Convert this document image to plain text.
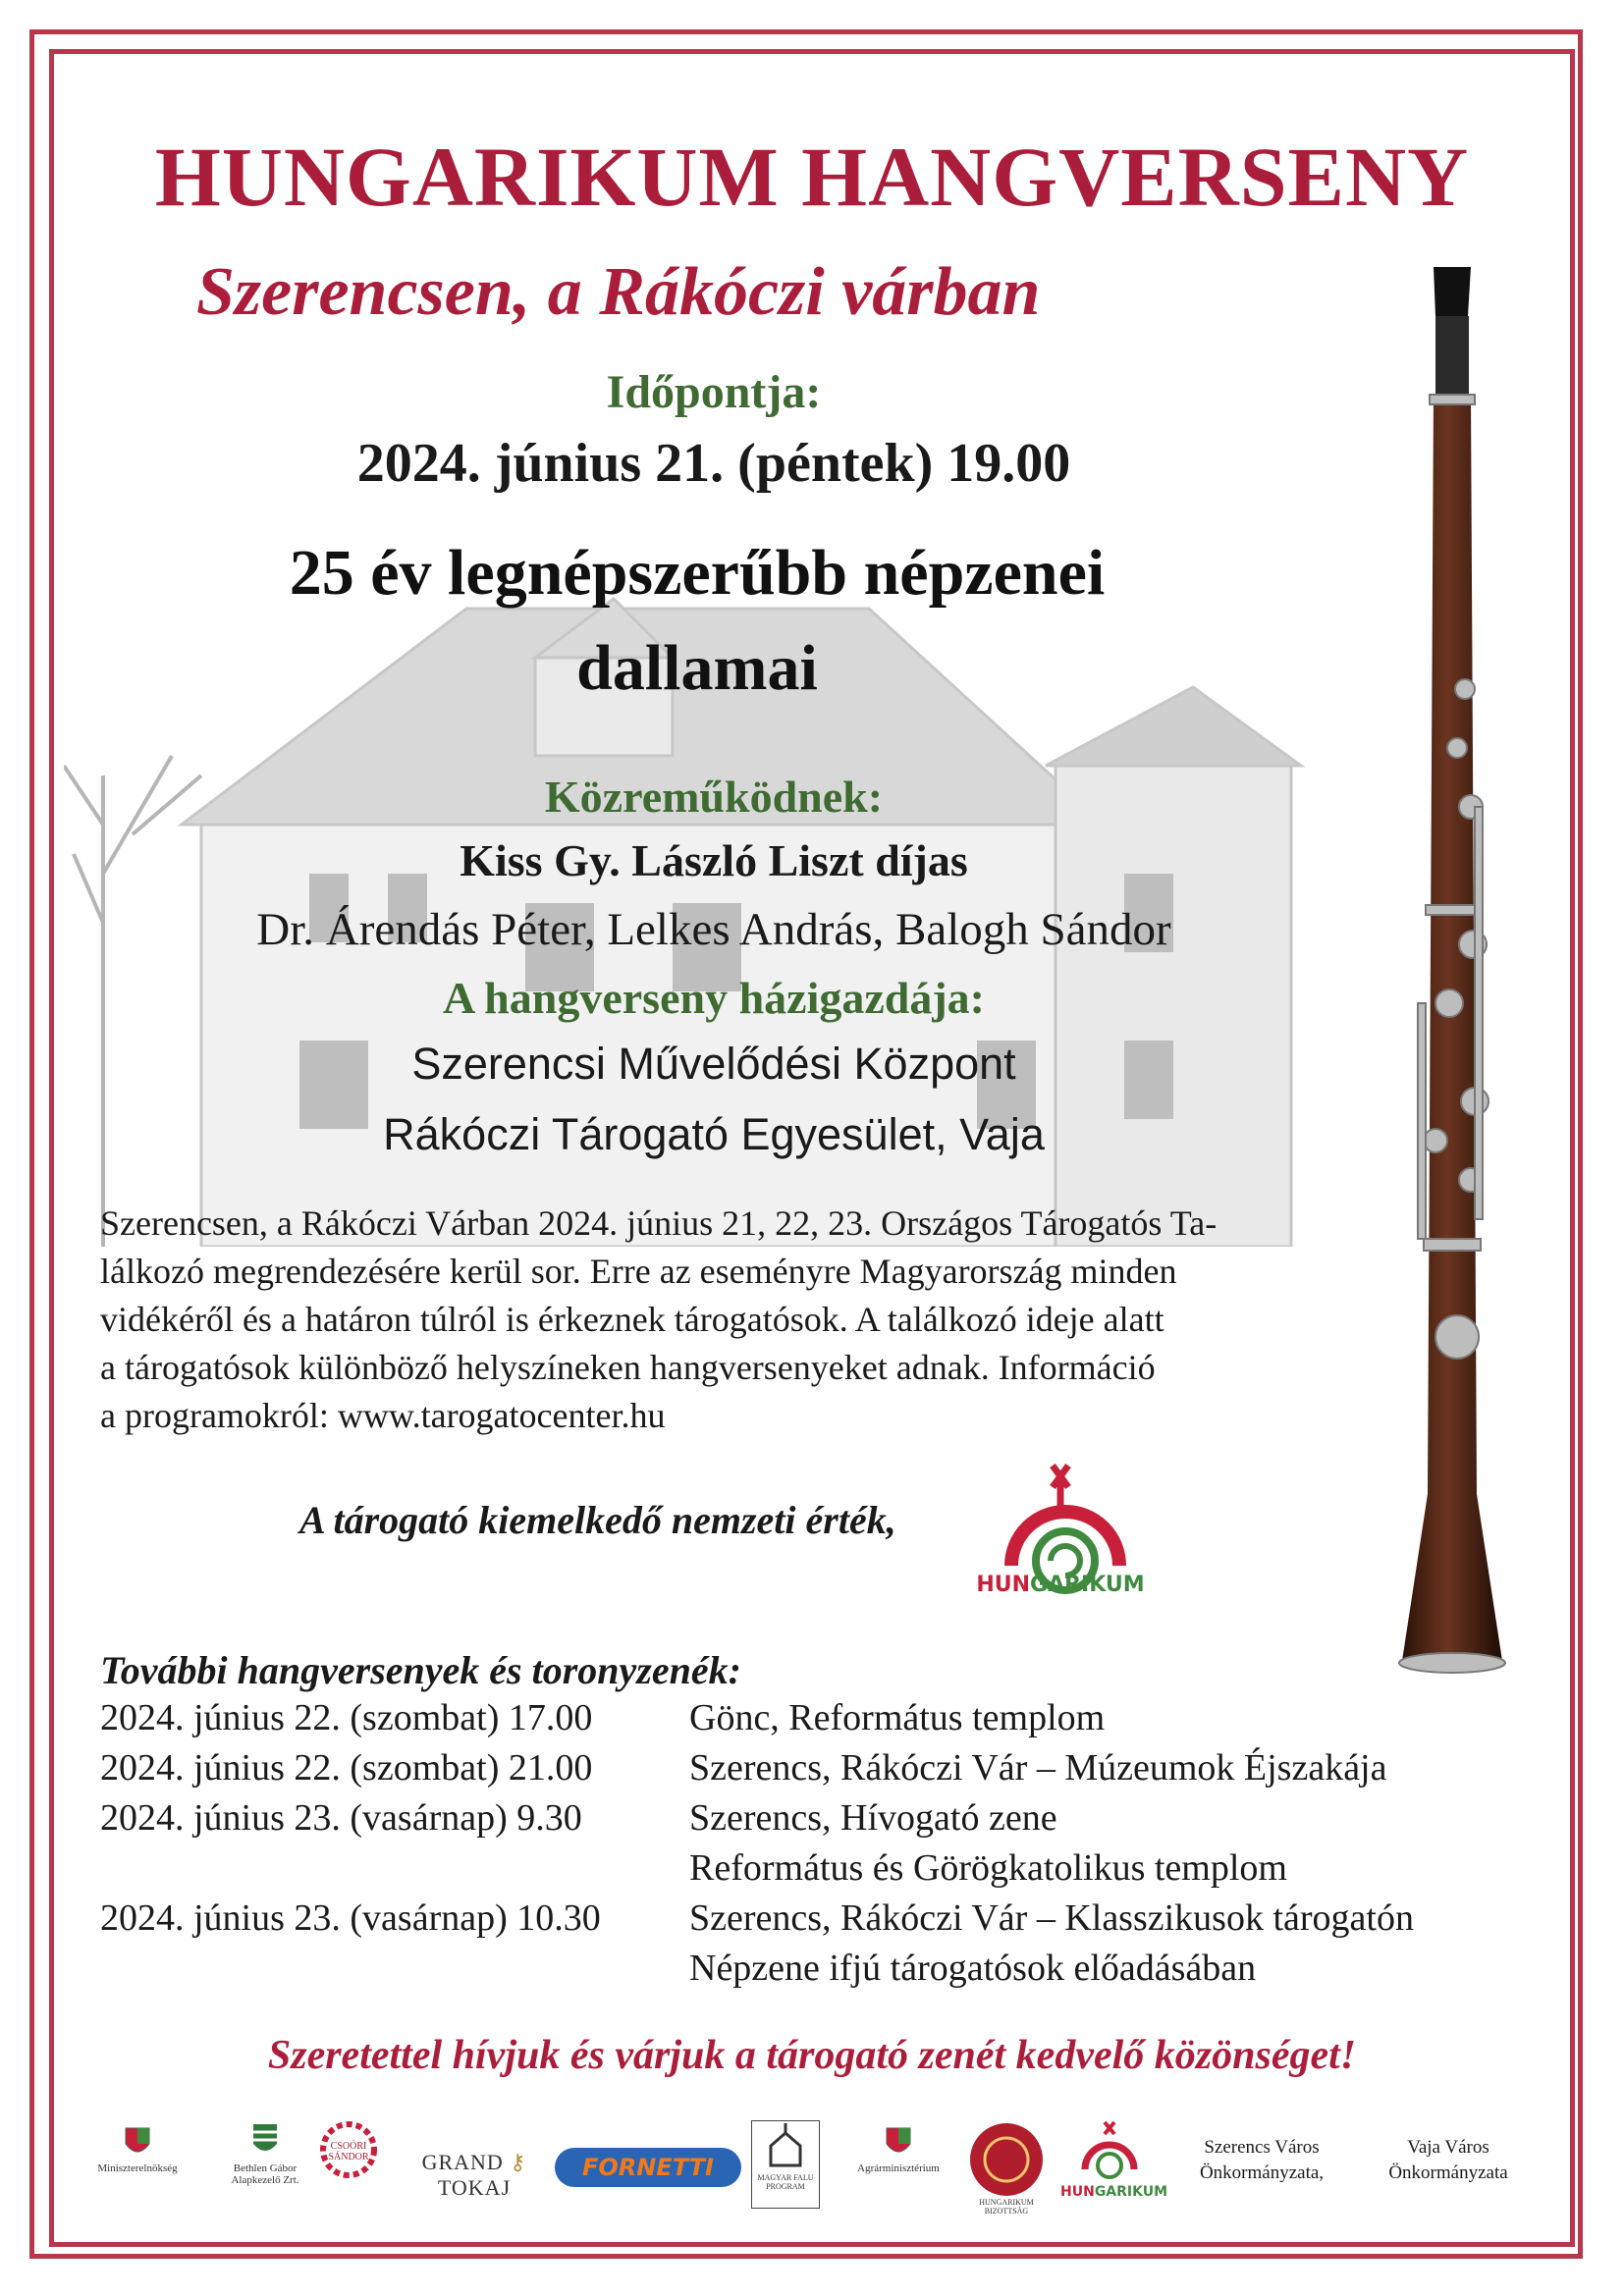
HUNGARIKUM HANGVERSENY
Szerencsen, a Rákóczi várban
Időpontja:
2024. június 21. (péntek) 19.00
25 év legnépszerűbb népzenei
dallamai
Közreműködnek:
Kiss Gy. László Liszt díjas
Dr. Árendás Péter, Lelkes András, Balogh Sándor
A hangverseny házigazdája:
Szerencsi Művelődési Központ
Rákóczi Tárogató Egyesület, Vaja
Szerencsen, a Rákóczi Várban 2024. június 21, 22, 23. Országos Tárogatós Ta-
lálkozó megrendezésére kerül sor. Erre az eseményre Magyarország minden
vidékéről és a határon túlról is érkeznek tárogatósok. A találkozó ideje alatt
a tárogatósok különböző helyszíneken hangversenyeket adnak. Információ
a programokról: www.tarogatocenter.hu
A tárogató kiemelkedő nemzeti érték,
HUNGARIKUM
További hangversenyek és toronyzenék:
2024. június 22. (szombat) 17.00	Gönc, Református templom
2024. június 22. (szombat) 21.00	Szerencs, Rákóczi Vár – Múzeumok Éjszakája
2024. június 23. (vasárnap) 9.30	Szerencs, Hívogató zene
Református és Görögkatolikus templom
2024. június 23. (vasárnap) 10.30 Szerencs, Rákóczi Vár – Klasszikusok tárogatón
Népzene ifjú tárogatósok előadásában
Szeretettel hívjuk és várjuk a tárogató zenét kedvelő közönséget!
Miniszterelnökség	Bethlen Gábor Alapkezelő Zrt.
CSOÓRI SÁNDOR	GRAND ⚷ TOKAJ
FORNETTI	MAGYAR FALU PROGRAM
Agrárminisztérium
HUNGARIKUM BIZOTTSÁG
HUNGARIKUM
Szerencs Város
Önkormányzata,
Vaja Város
Önkormányzata
